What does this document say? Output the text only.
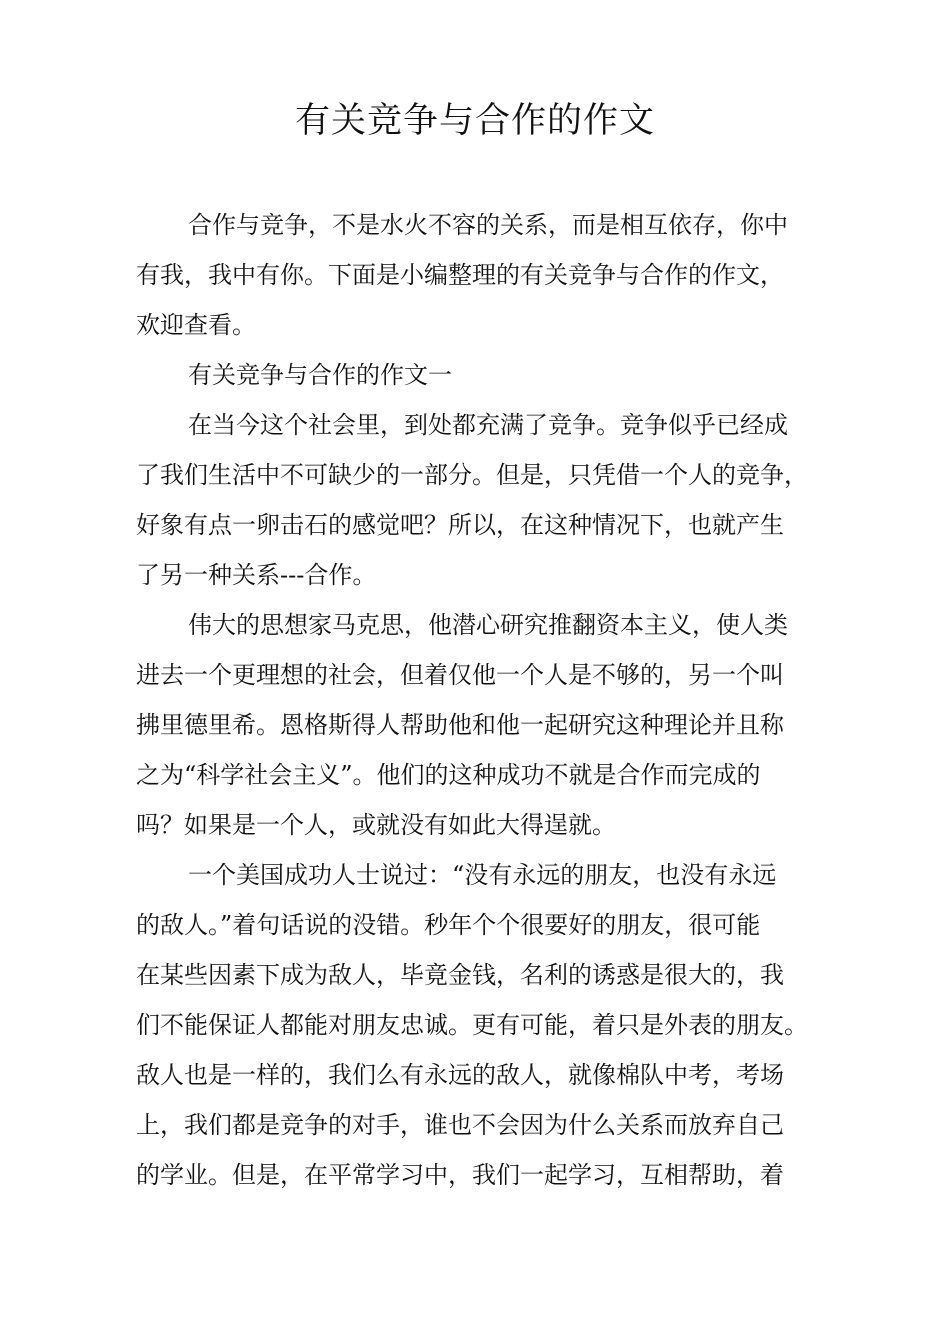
有关竞争与合作的作文
合作与竞争，不是水火不容的关系，而是相互依存，你中
有我，我中有你。下面是小编整理的有关竞争与合作的作文，
欢迎查看。
有关竞争与合作的作文一
在当今这个社会里，到处都充满了竞争。竞争似乎已经成
了我们生活中不可缺少的一部分。但是，只凭借一个人的竞争，
好象有点一卵击石的感觉吧？所以，在这种情况下，也就产生
了另一种关系---合作。
伟大的思想家马克思，他潜心研究推翻资本主义，使人类
进去一个更理想的社会，但着仅他一个人是不够的，另一个叫
拂里德里希。恩格斯得人帮助他和他一起研究这种理论并且称
之为“科学社会主义”。他们的这种成功不就是合作而完成的
吗？如果是一个人，或就没有如此大得逞就。
一个美国成功人士说过：“没有永远的朋友，也没有永远
的敌人。”着句话说的没错。秒年个个很要好的朋友，很可能
在某些因素下成为敌人，毕竟金钱，名利的诱惑是很大的，我
们不能保证人都能对朋友忠诚。更有可能，着只是外表的朋友。
敌人也是一样的，我们么有永远的敌人，就像棉队中考，考场
上，我们都是竞争的对手，谁也不会因为什么关系而放弃自己
的学业。但是，在平常学习中，我们一起学习，互相帮助，着
